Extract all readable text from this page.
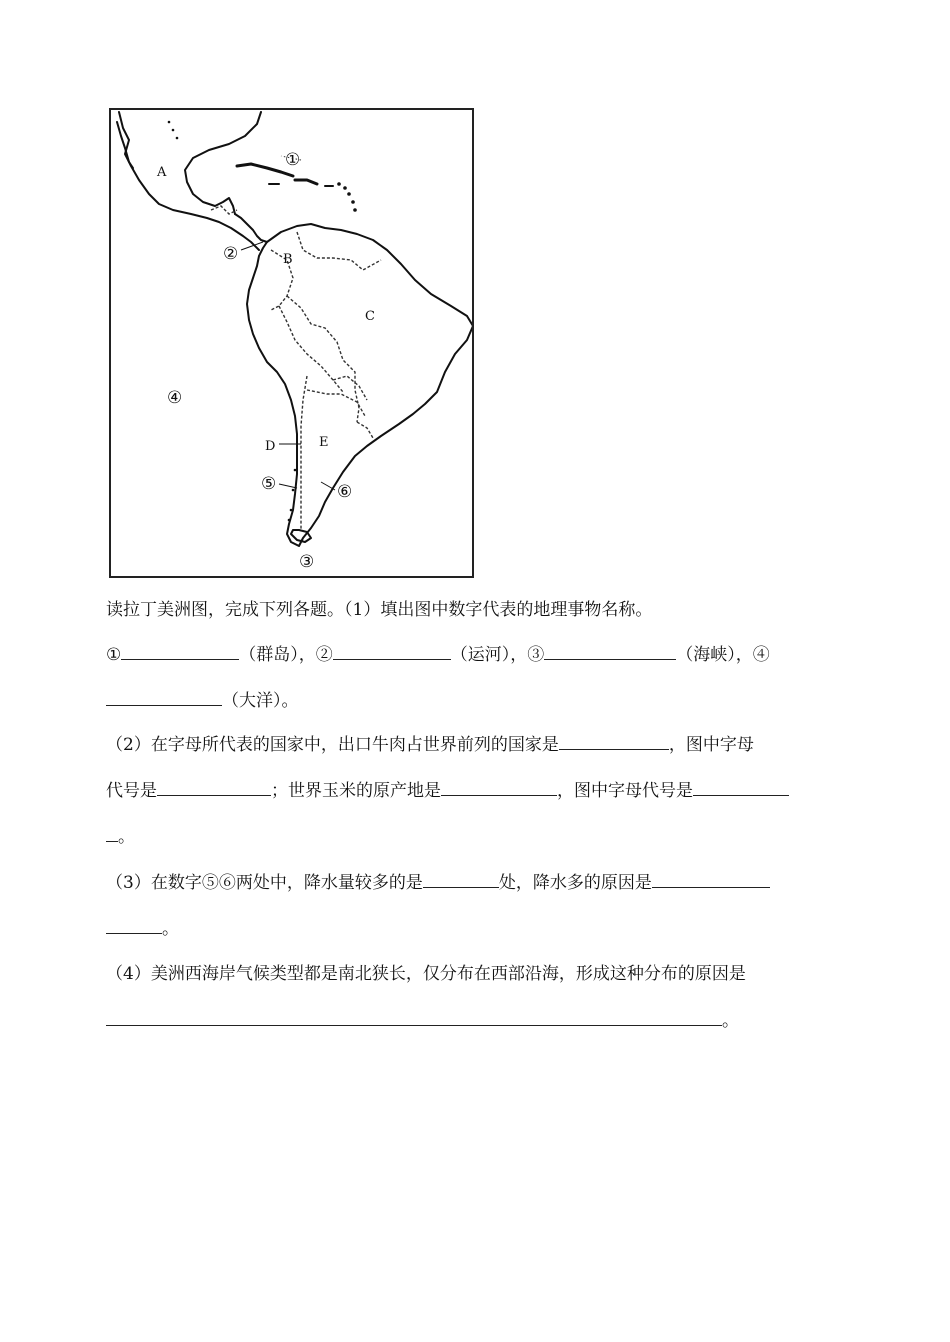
A
①
②	B
C
④
D	E
⑤	⑥
③
读拉丁美洲图，完成下列各题。（1）填出图中数字代表的地理事物名称。
①	（群岛），②	（运河），③	（海峡），④
（大洋）。
（2）在字母所代表的国家中，出口牛肉占世界前列的国家是	，图中字母
代号是	；世界玉米的原产地是	，图中字母代号是
。
（3）在数字⑤⑥两处中，降水量较多的是	处，降水多的原因是
。
（4）美洲西海岸气候类型都是南北狭长，仅分布在西部沿海，形成这种分布的原因是
。
